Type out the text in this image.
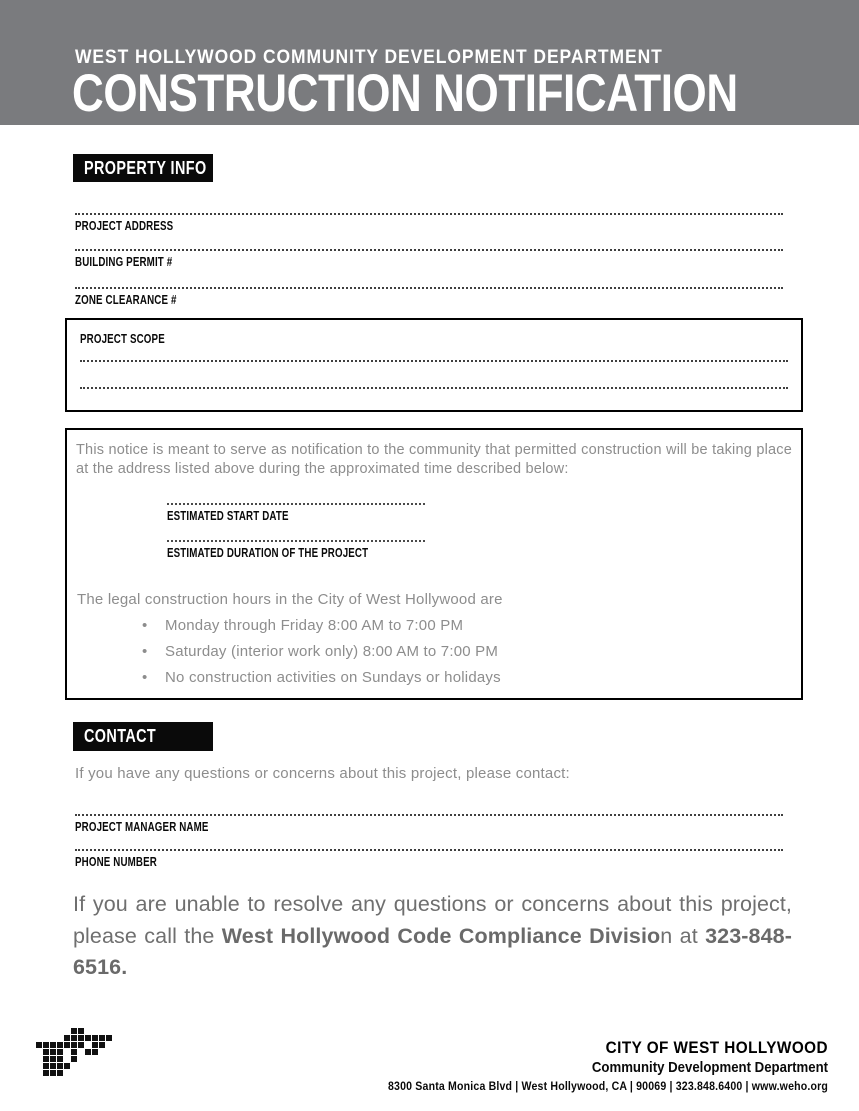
WEST HOLLYWOOD COMMUNITY DEVELOPMENT DEPARTMENT
CONSTRUCTION NOTIFICATION
PROPERTY INFO
PROJECT ADDRESS
BUILDING PERMIT #
ZONE CLEARANCE #
PROJECT SCOPE
This notice is meant to serve as notification to the community that permitted construction will be taking place at the address listed above during the approximated time described below:
ESTIMATED START DATE
ESTIMATED DURATION OF THE PROJECT
The legal construction hours in the City of West Hollywood are
•	Monday through Friday 8:00 AM to 7:00 PM
•	Saturday (interior work only) 8:00 AM to 7:00 PM
•	No construction activities on Sundays or holidays
CONTACT
If you have any questions or concerns about this project, please contact:
PROJECT MANAGER NAME
PHONE NUMBER
If you are unable to resolve any questions or concerns about this project, please call the West Hollywood Code Compliance Division at 323-848-6516.
CITY OF WEST HOLLYWOOD
Community Development Department
8300 Santa Monica Blvd | West Hollywood, CA | 90069 | 323.848.6400 | www.weho.org
